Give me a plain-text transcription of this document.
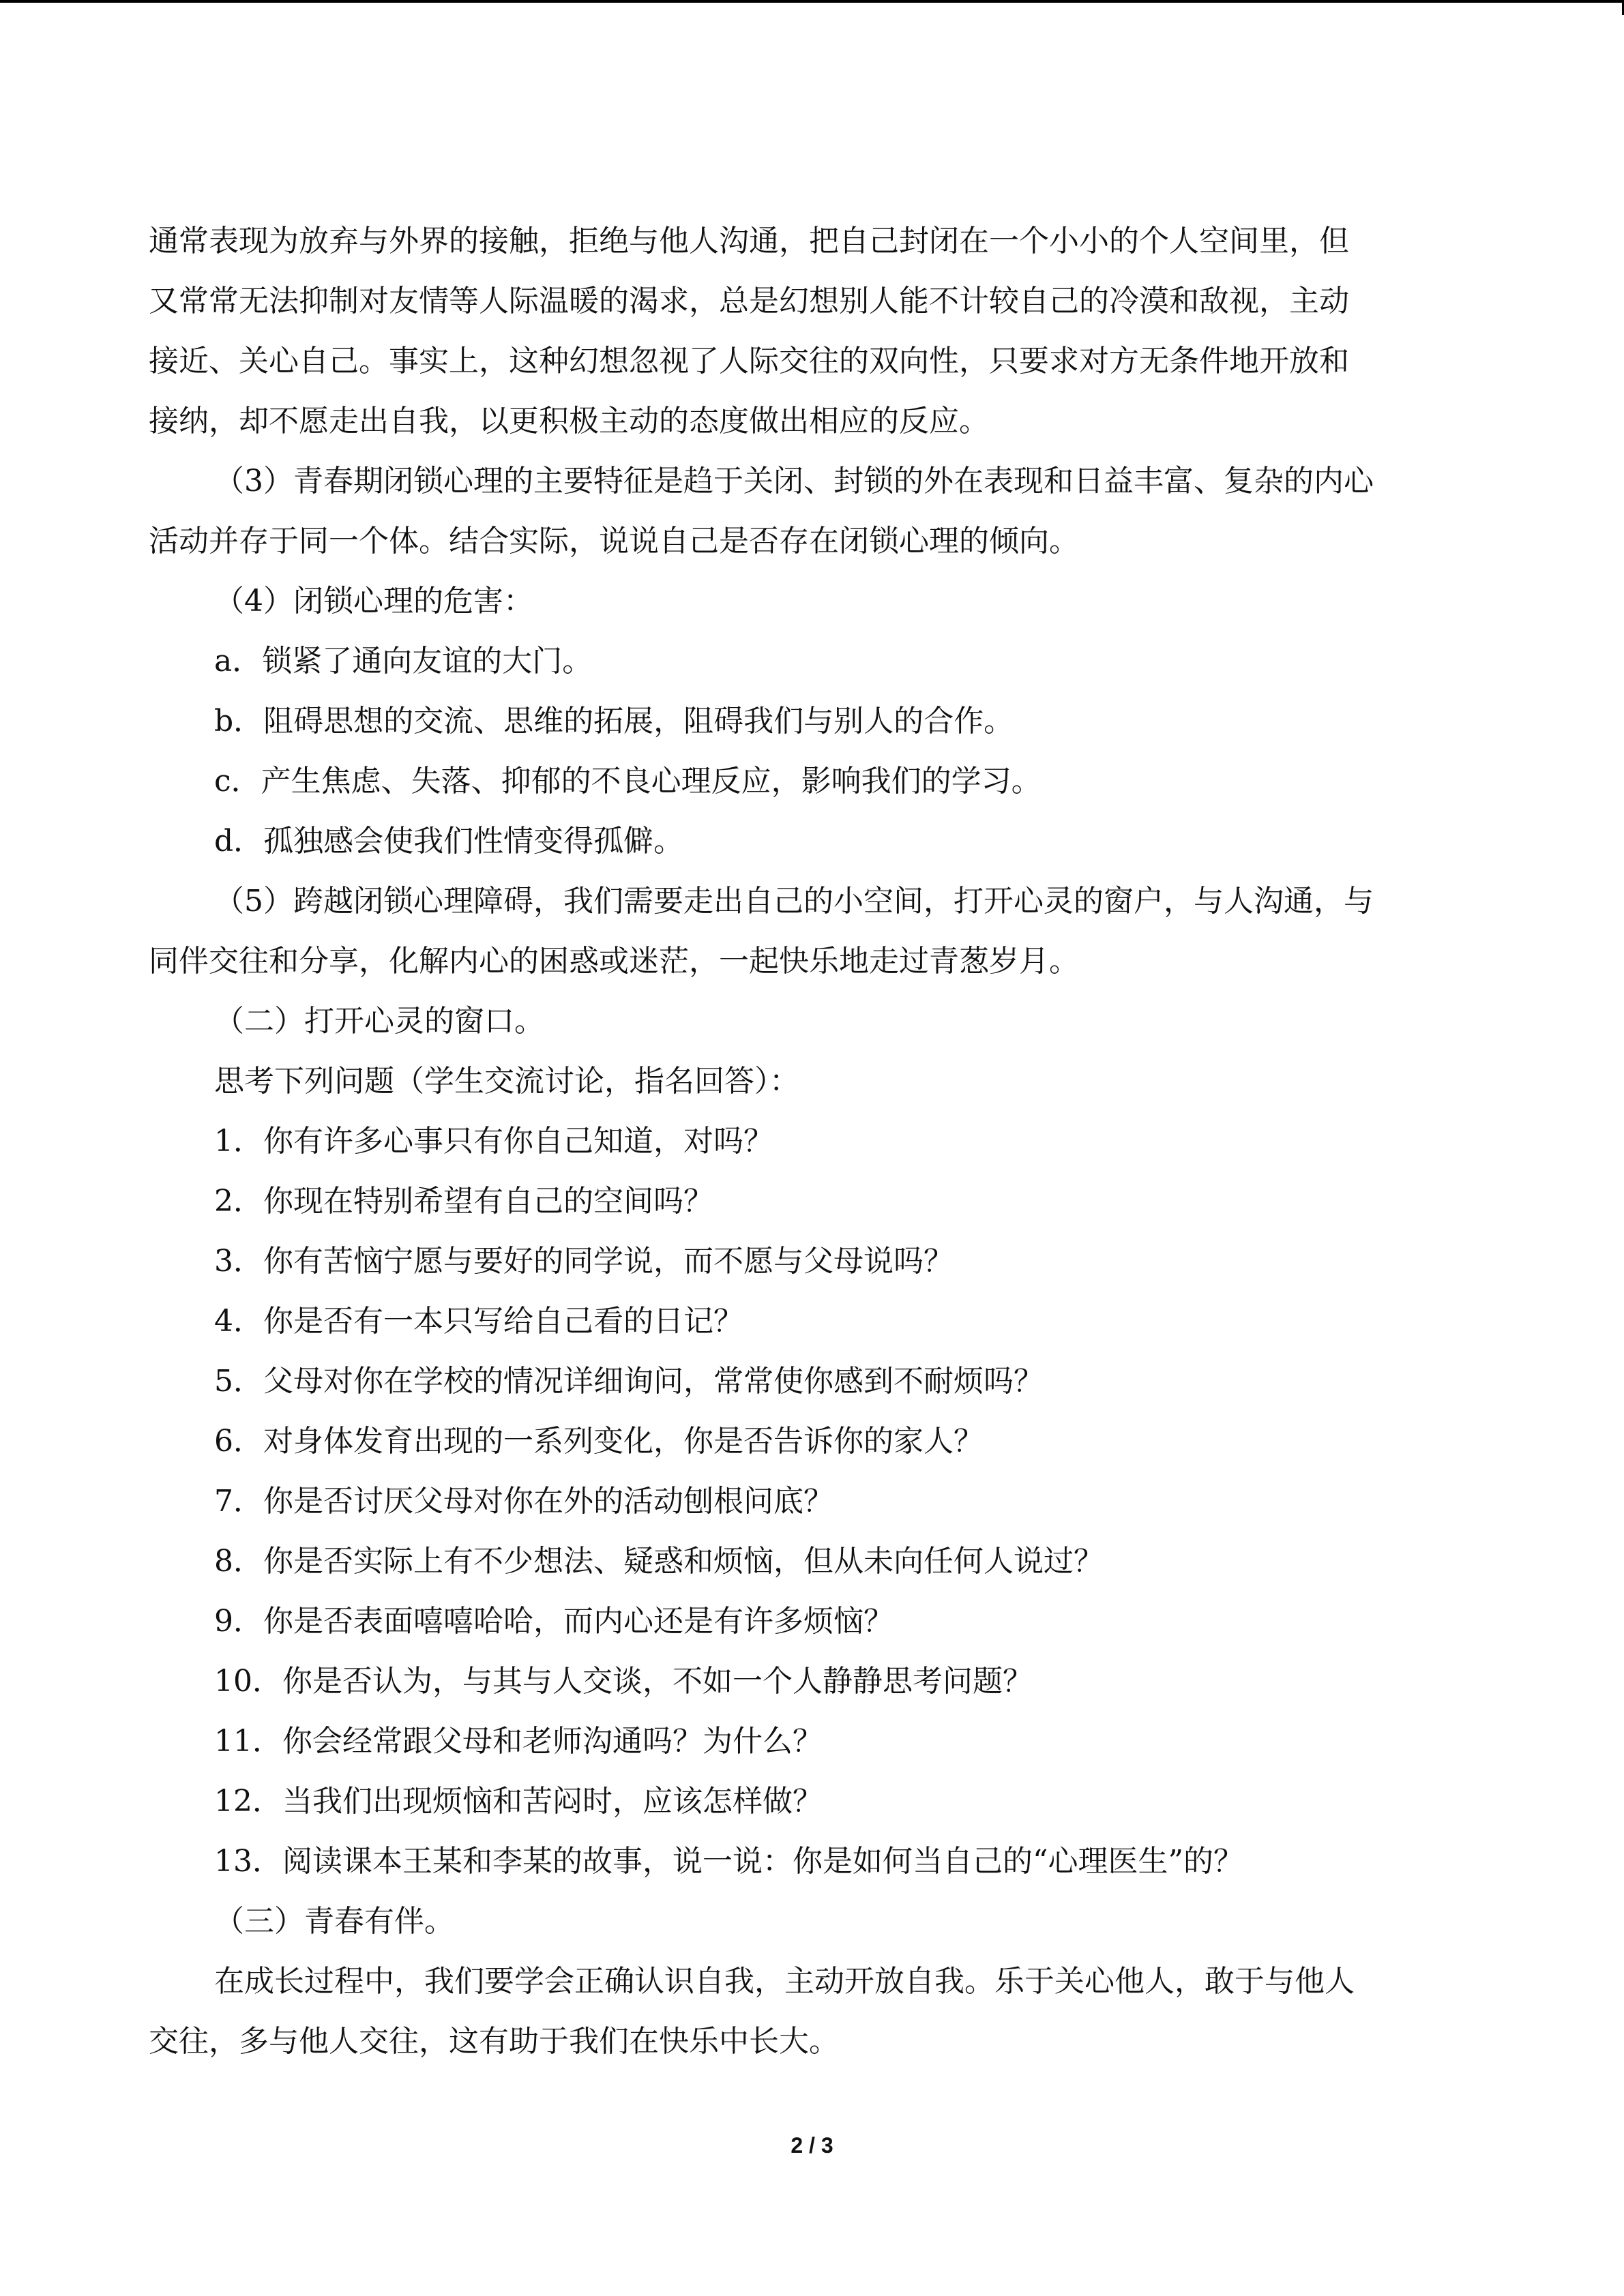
通常表现为放弃与外界的接触，拒绝与他人沟通，把自己封闭在一个小小的个人空间里，但
又常常无法抑制对友情等人际温暖的渴求，总是幻想别人能不计较自己的冷漠和敌视，主动
接近、关心自己。事实上，这种幻想忽视了人际交往的双向性，只要求对方无条件地开放和
接纳，却不愿走出自我，以更积极主动的态度做出相应的反应。
（3）青春期闭锁心理的主要特征是趋于关闭、封锁的外在表现和日益丰富、复杂的内心
活动并存于同一个体。结合实际，说说自己是否存在闭锁心理的倾向。
（4）闭锁心理的危害：
a．锁紧了通向友谊的大门。
b．阻碍思想的交流、思维的拓展，阻碍我们与别人的合作。
c．产生焦虑、失落、抑郁的不良心理反应，影响我们的学习。
d．孤独感会使我们性情变得孤僻。
（5）跨越闭锁心理障碍，我们需要走出自己的小空间，打开心灵的窗户，与人沟通，与
同伴交往和分享，化解内心的困惑或迷茫，一起快乐地走过青葱岁月。
（二）打开心灵的窗口。
思考下列问题（学生交流讨论，指名回答）：
1．你有许多心事只有你自己知道，对吗？
2．你现在特别希望有自己的空间吗？
3．你有苦恼宁愿与要好的同学说，而不愿与父母说吗？
4．你是否有一本只写给自己看的日记？
5．父母对你在学校的情况详细询问，常常使你感到不耐烦吗？
6．对身体发育出现的一系列变化，你是否告诉你的家人？
7．你是否讨厌父母对你在外的活动刨根问底？
8．你是否实际上有不少想法、疑惑和烦恼，但从未向任何人说过？
9．你是否表面嘻嘻哈哈，而内心还是有许多烦恼？
10．你是否认为，与其与人交谈，不如一个人静静思考问题？
11．你会经常跟父母和老师沟通吗？为什么？
12．当我们出现烦恼和苦闷时，应该怎样做？
13．阅读课本王某和李某的故事，说一说：你是如何当自己的“心理医生”的？
（三）青春有伴。
在成长过程中，我们要学会正确认识自我，主动开放自我。乐于关心他人，敢于与他人
交往，多与他人交往，这有助于我们在快乐中长大。
2 / 3
